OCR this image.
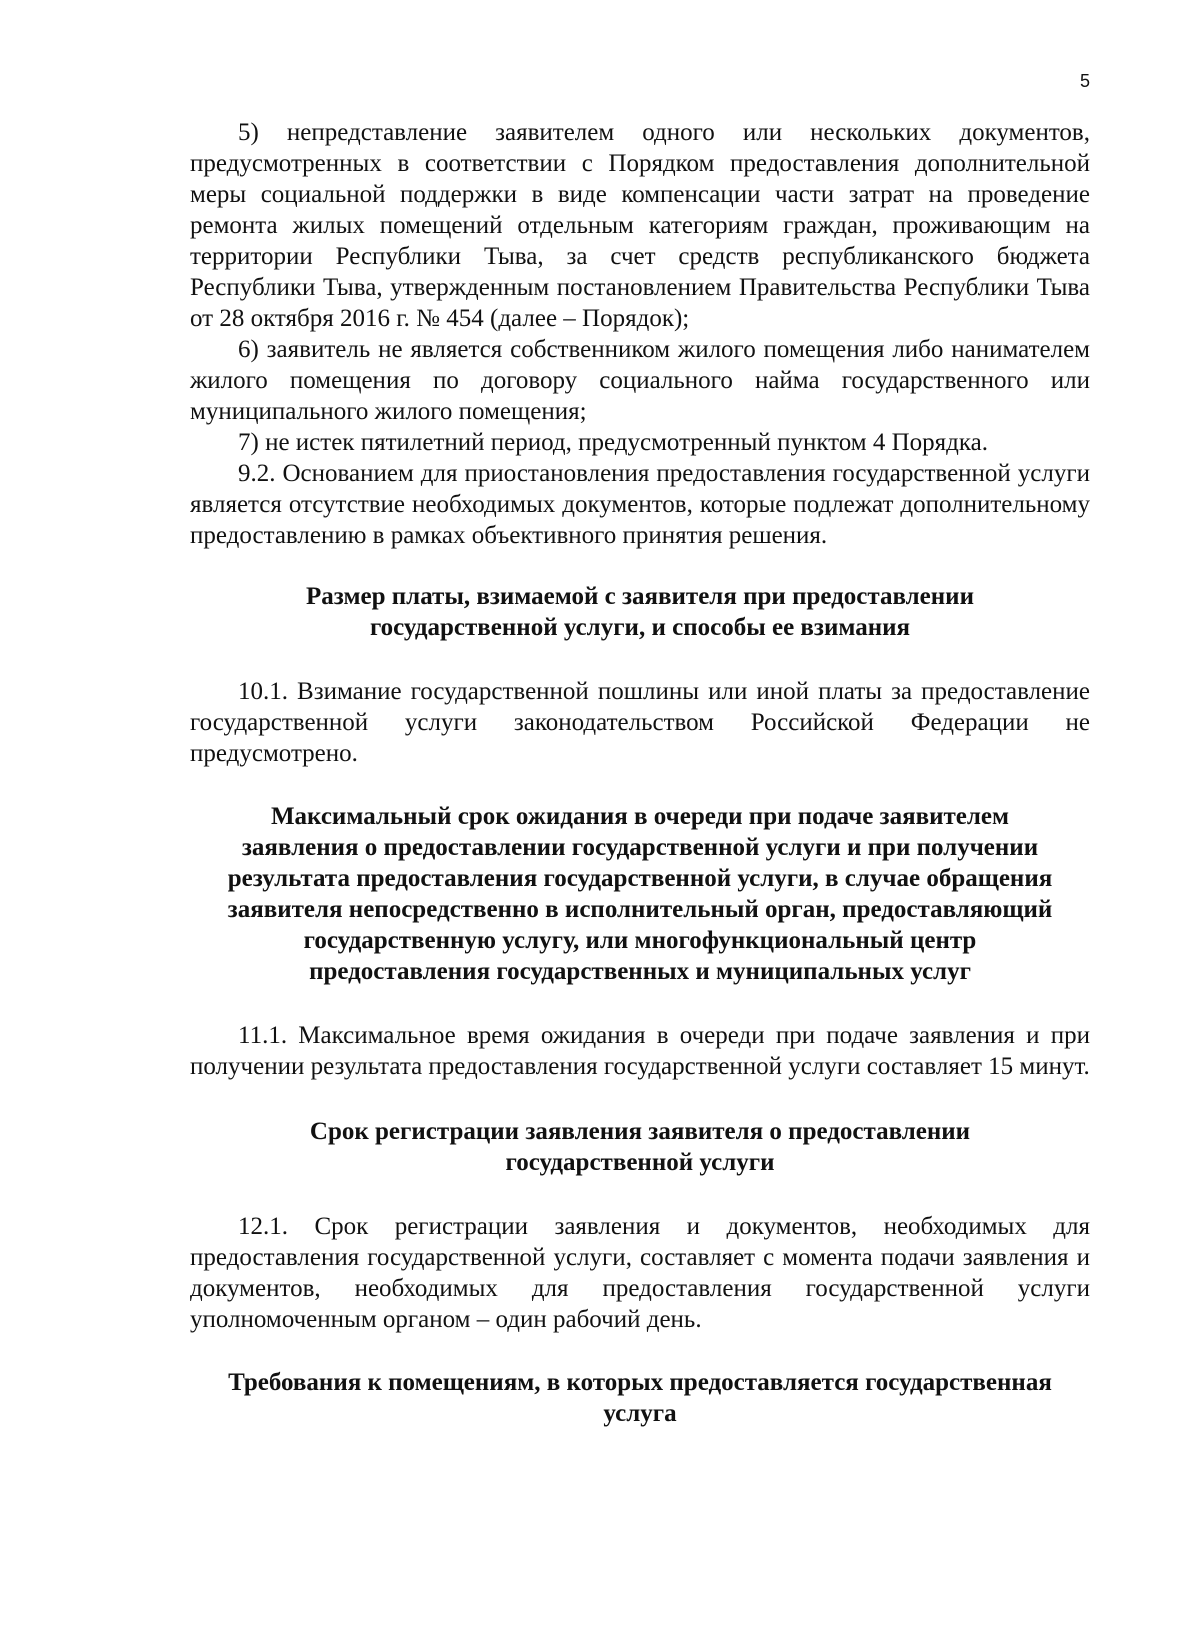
5

5) непредставление заявителем одного или нескольких документов, предусмотренных в соответствии с Порядком предоставления дополнительной меры социальной поддержки в виде компенсации части затрат на проведение ремонта жилых помещений отдельным категориям граждан, проживающим на территории Республики Тыва, за счет средств республиканского бюджета Республики Тыва, утвержденным постановлением Правительства Республики Тыва от 28 октября 2016 г. № 454 (далее – Порядок);

6) заявитель не является собственником жилого помещения либо нанимателем жилого помещения по договору социального найма государственного или муниципального жилого помещения;

7) не истек пятилетний период, предусмотренный пунктом 4 Порядка.

9.2. Основанием для приостановления предоставления государственной услуги является отсутствие необходимых документов, которые подлежат дополнительному предоставлению в рамках объективного принятия решения.

Размер платы, взимаемой с заявителя при предоставлении
государственной услуги, и способы ее взимания

10.1. Взимание государственной пошлины или иной платы за предоставление государственной услуги законодательством Российской Федерации не предусмотрено.

Максимальный срок ожидания в очереди при подаче заявителем
заявления о предоставлении государственной услуги и при получении
результата предоставления государственной услуги, в случае обращения
заявителя непосредственно в исполнительный орган, предоставляющий
государственную услугу, или многофункциональный центр
предоставления государственных и муниципальных услуг

11.1. Максимальное время ожидания в очереди при подаче заявления и при получении результата предоставления государственной услуги составляет 15 минут.

Срок регистрации заявления заявителя о предоставлении
государственной услуги

12.1. Срок регистрации заявления и документов, необходимых для предоставления государственной услуги, составляет с момента подачи заявления и документов, необходимых для предоставления государственной услуги уполномоченным органом – один рабочий день.

Требования к помещениям, в которых предоставляется государственная
услуга
